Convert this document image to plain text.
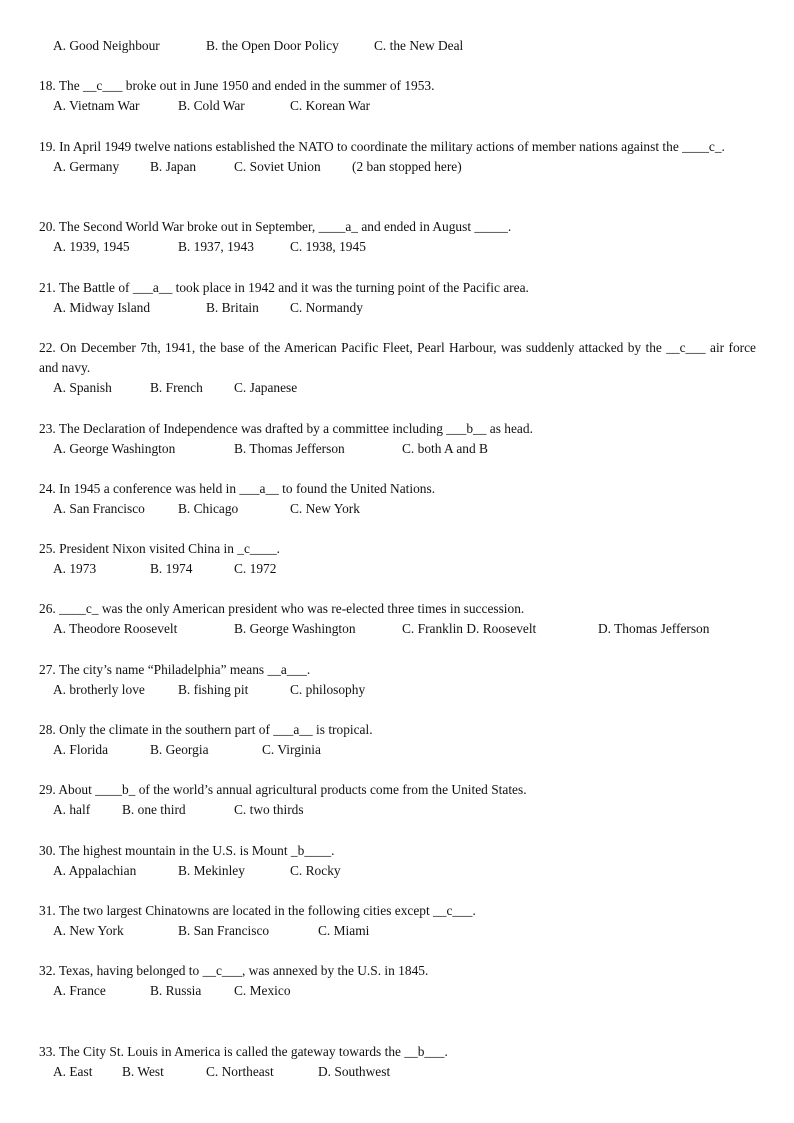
A. Good Neighbour	B. the Open Door Policy	C. the New Deal

18. The __c___ broke out in June 1950 and ended in the summer of 1953.

A. Vietnam War	B. Cold War	C. Korean War

19. In April 1949 twelve nations established the NATO to coordinate the military actions of member nations against the ____c_.

A. Germany B. Japan	C. Soviet Union (2 ban stopped here)

20. The Second World War broke out in September, ____a_ and ended in August _____.

A. 1939, 1945	B. 1937, 1943	C. 1938, 1945

21. The Battle of ___a__ took place in 1942 and it was the turning point of the Pacific area.

A. Midway Island	B. Britain C. Normandy

22. On December 7th, 1941, the base of the American Pacific Fleet, Pearl Harbour, was suddenly attacked by the __c___ air force and navy.

A. Spanish	B. French C. Japanese

23. The Declaration of Independence was drafted by a committee including ___b__ as head.

A. George Washington	B. Thomas Jefferson	C. both A and B

24. In 1945 a conference was held in ___a__ to found the United Nations.

A. San Francisco B. Chicago	C. New York

25. President Nixon visited China in _c____.

A. 1973	B. 1974	C. 1972

26. ____c_ was the only American president who was re-elected three times in succession.

A. Theodore Roosevelt	B. George Washington	C. Franklin D. Roosevelt	D. Thomas Jefferson

27. The city’s name “Philadelphia” means __a___.

A. brotherly love B. fishing pit	C. philosophy

28. Only the climate in the southern part of ___a__ is tropical.

A. Florida	B. Georgia	C. Virginia

29. About ____b_ of the world’s annual agricultural products come from the United States.

A. half B. one third	C. two thirds

30. The highest mountain in the U.S. is Mount _b____.

A. Appalachian	B. Mekinley	C. Rocky

31. The two largest Chinatowns are located in the following cities except __c___.

A. New York	B. San Francisco	C. Miami

32. Texas, having belonged to __c___, was annexed by the U.S. in 1845.

A. France	B. Russia C. Mexico

33. The City St. Louis in America is called the gateway towards the __b___.

A. East B. West	C. Northeast	D. Southwest
